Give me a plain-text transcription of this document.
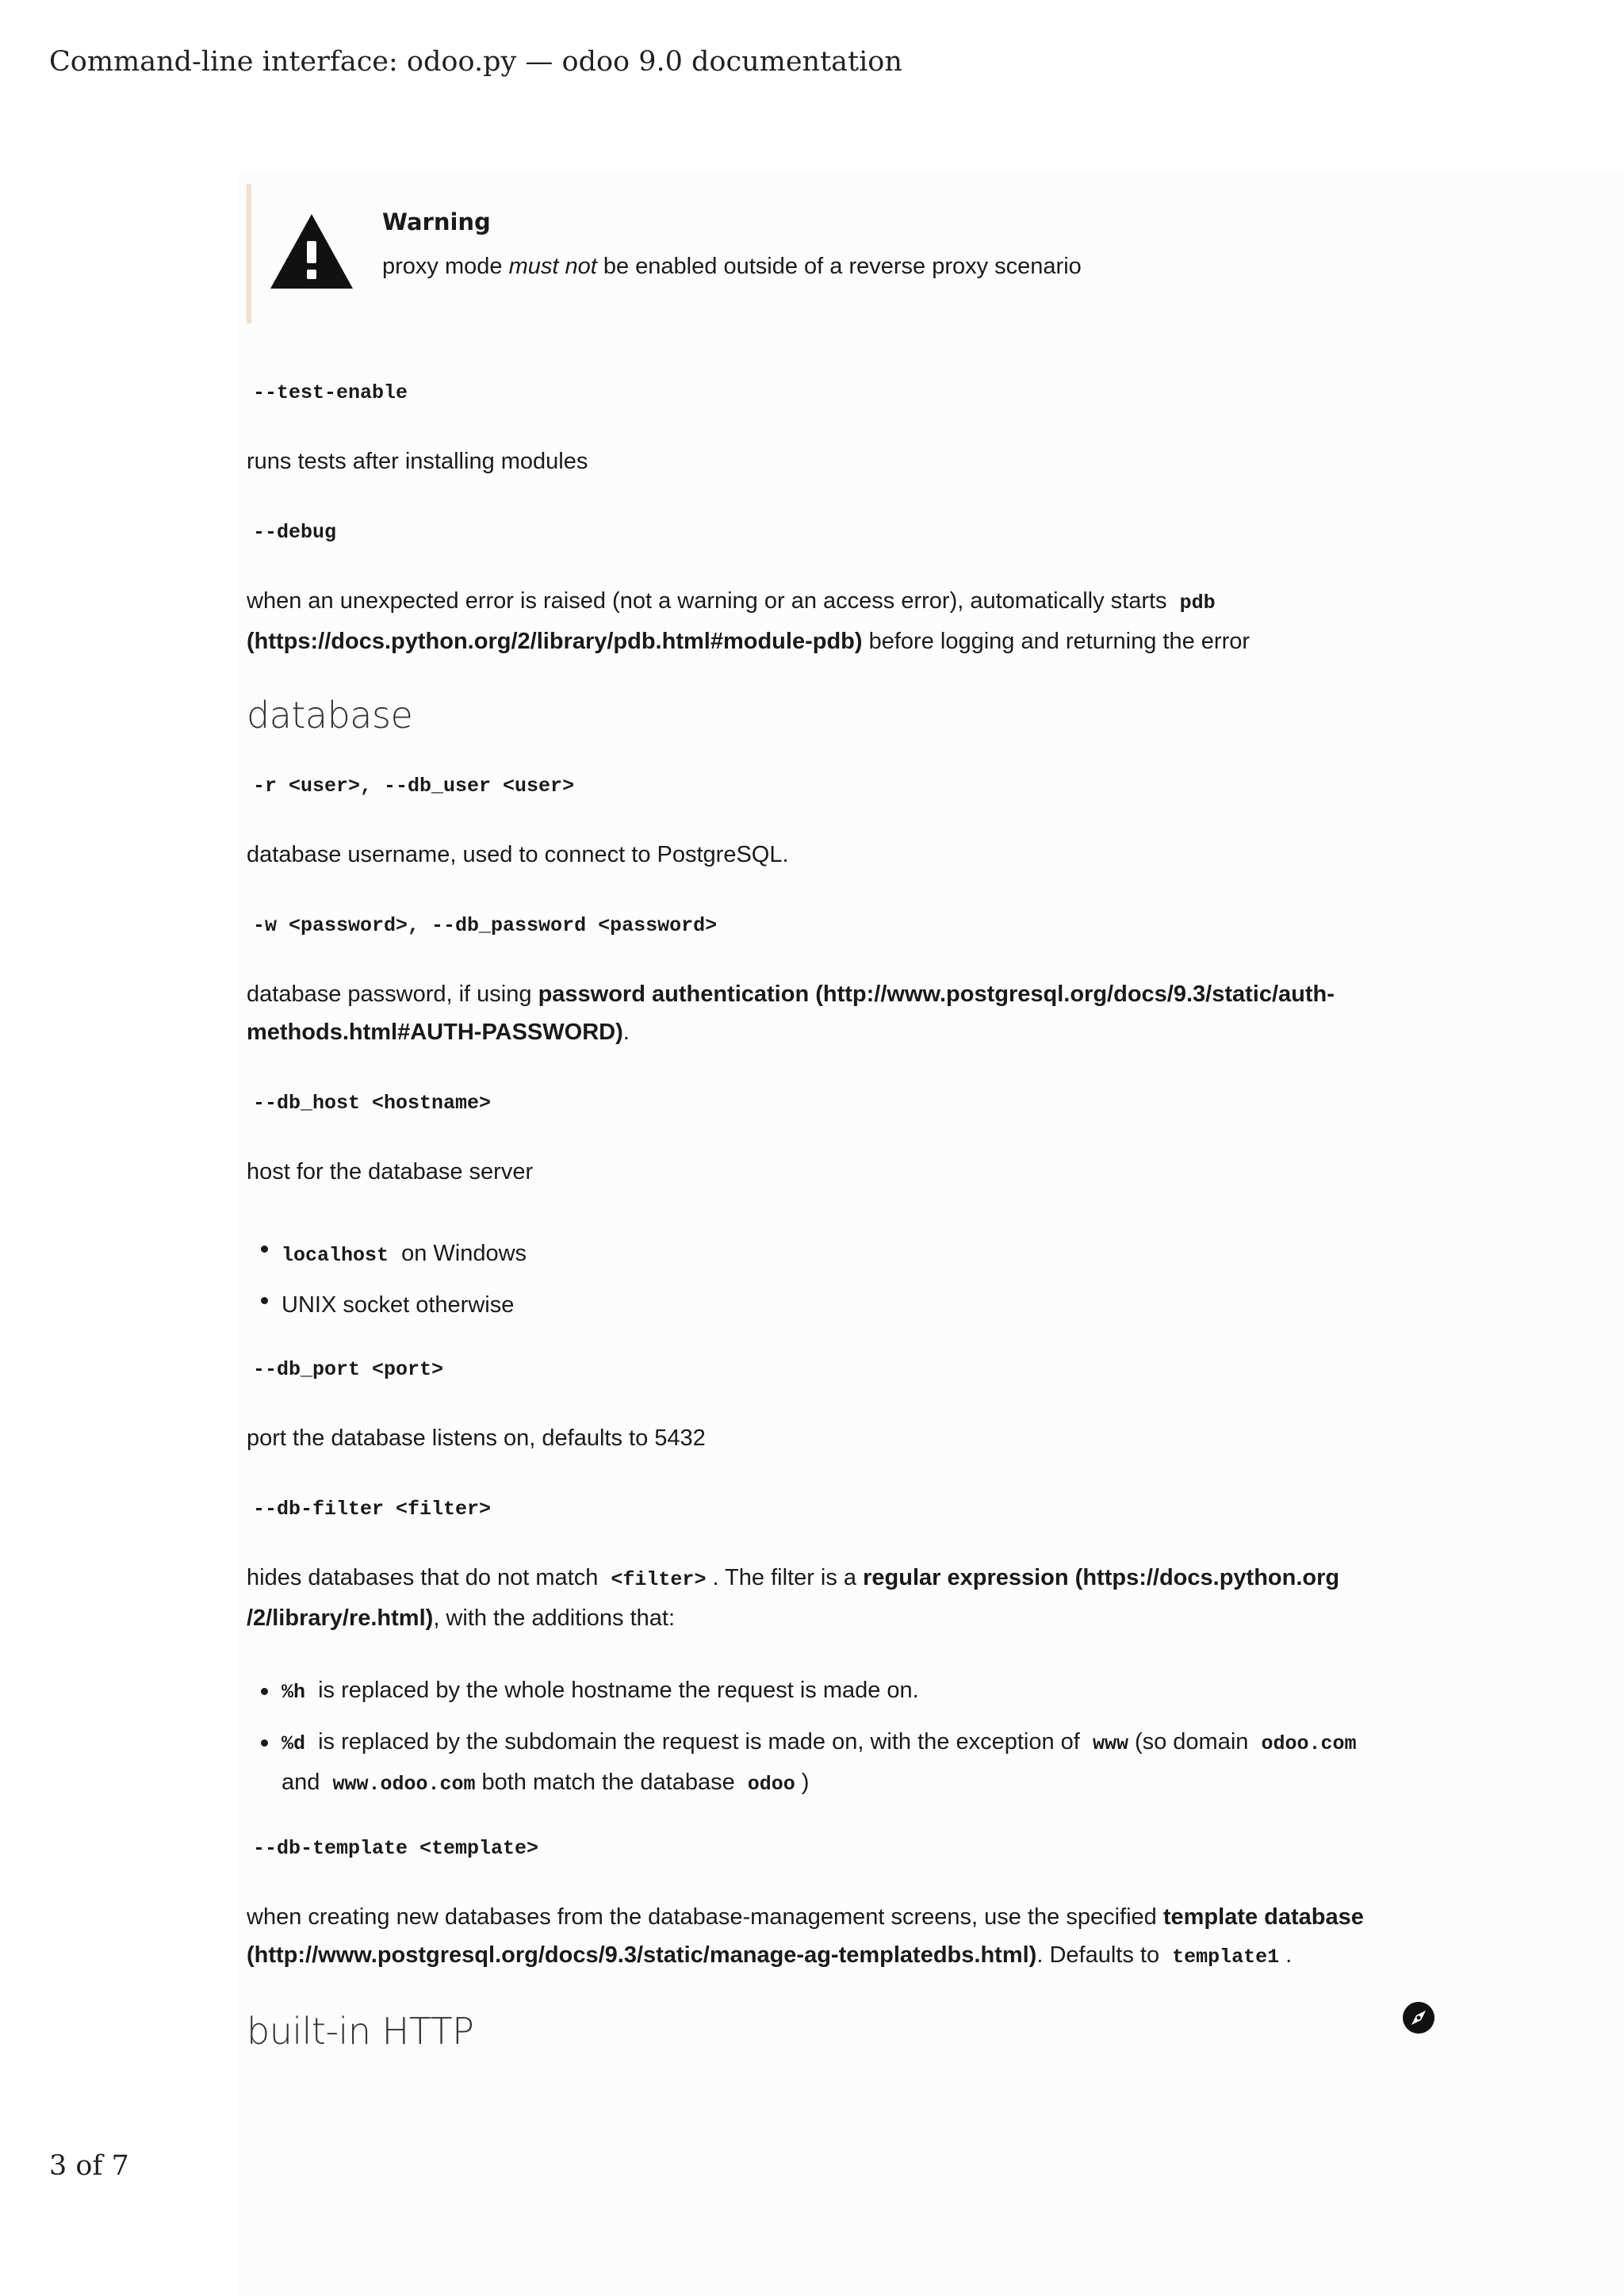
Command-line interface: odoo.py — odoo 9.0 documentation
Warning
proxy mode must not be enabled outside of a reverse proxy scenario
--test-enable
runs tests after installing modules
--debug
when an unexpected error is raised (not a warning or an access error), automatically starts pdb
(https://docs.python.org/2/library/pdb.html#module-pdb) before logging and returning the error
database
-r <user>, --db_user <user>
database username, used to connect to PostgreSQL.
-w <password>, --db_password <password>
database password, if using password authentication (http://www.postgresql.org/docs/9.3/static/auth-
methods.html#AUTH-PASSWORD).
--db_host <hostname>
host for the database server
localhost on Windows
UNIX socket otherwise
--db_port <port>
port the database listens on, defaults to 5432
--db-filter <filter>
hides databases that do not match <filter> . The filter is a regular expression (https://docs.python.org
/2/library/re.html), with the additions that:
%h is replaced by the whole hostname the request is made on.
%d is replaced by the subdomain the request is made on, with the exception of www (so domain odoo.com
and www.odoo.com both match the database odoo )
--db-template <template>
when creating new databases from the database-management screens, use the specified template database
(http://www.postgresql.org/docs/9.3/static/manage-ag-templatedbs.html). Defaults to template1 .
built-in HTTP
3 of 7
